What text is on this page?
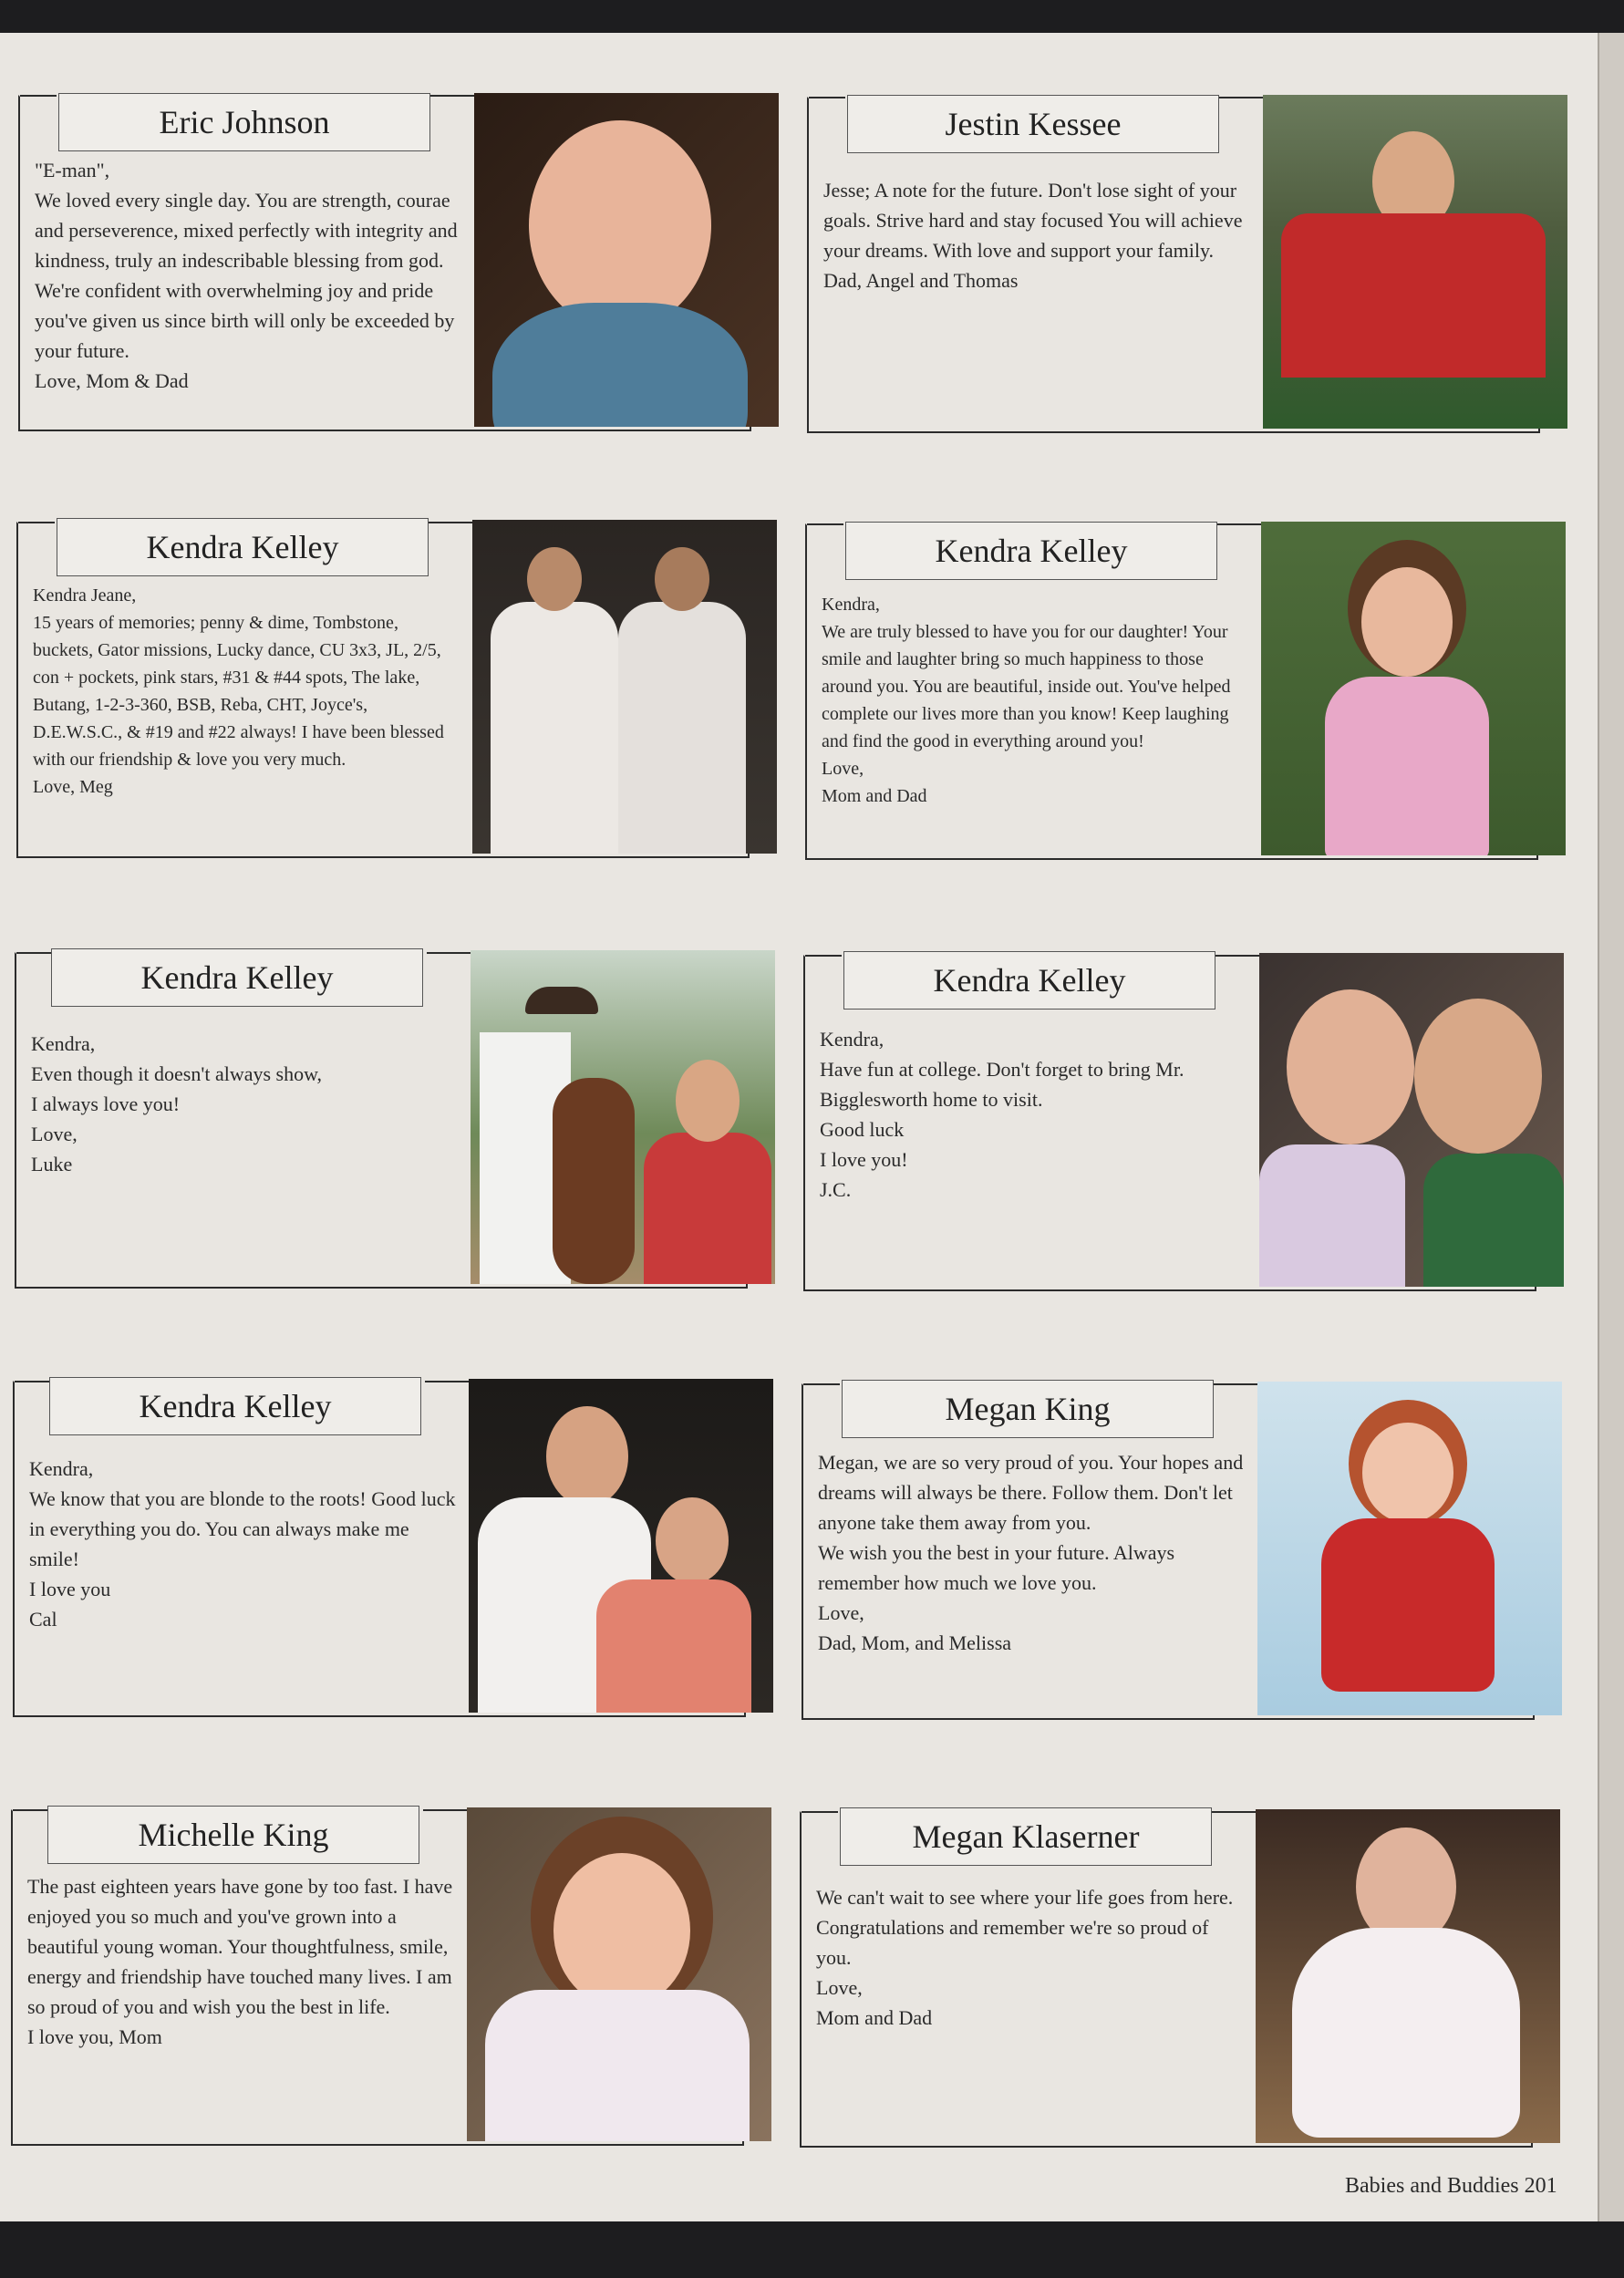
Eric Johnson
"E-man",
We loved every single day. You are strength, courae and perseverence, mixed perfectly with integrity and kindness, truly an indescribable blessing from god. We're confident with overwhelming joy and pride you've given us since birth will only be exceeded by your future.
Love, Mom & Dad
Jestin Kessee
Jesse; A note for the future. Don't lose sight of your goals. Strive hard and stay focused You will achieve your dreams. With love and support your family.
Dad, Angel and Thomas
Kendra Kelley
Kendra Jeane,
15 years of memories; penny & dime, Tombstone, buckets, Gator missions, Lucky dance, CU 3x3, JL, 2/5, con + pockets, pink stars, #31 & #44 spots, The lake, Butang, 1-2-3-360, BSB, Reba, CHT, Joyce's, D.E.W.S.C., & #19 and #22 always! I have been blessed with our friendship & love you very much.
Love, Meg
Kendra Kelley
Kendra,
We are truly blessed to have you for our daughter! Your smile and laughter bring so much happiness to those around you. You are beautiful, inside out. You've helped complete our lives more than you know! Keep laughing and find the good in everything around you!
Love,
Mom and Dad
Kendra Kelley
Kendra,
Even though it doesn't always show,
I always love you!
Love,
Luke
Kendra Kelley
Kendra,
Have fun at college. Don't forget to bring Mr. Bigglesworth home to visit.
Good luck
I love you!
J.C.
Kendra Kelley
Kendra,
We know that you are blonde to the roots! Good luck in everything you do. You can always make me smile!
I love you
Cal
Megan King
Megan, we are so very proud of you. Your hopes and dreams will always be there. Follow them. Don't let anyone take them away from you.
We wish you the best in your future. Always remember how much we love you.
Love,
Dad, Mom, and Melissa
Michelle King
The past eighteen years have gone by too fast. I have enjoyed you so much and you've grown into a beautiful young woman. Your thoughtfulness, smile, energy and friendship have touched many lives. I am so proud of you and wish you the best in life.
I love you, Mom
Megan Klaserner
We can't wait to see where your life goes from here. Congratulations and remember we're so proud of you.
Love,
Mom and Dad
Babies and Buddies 201
